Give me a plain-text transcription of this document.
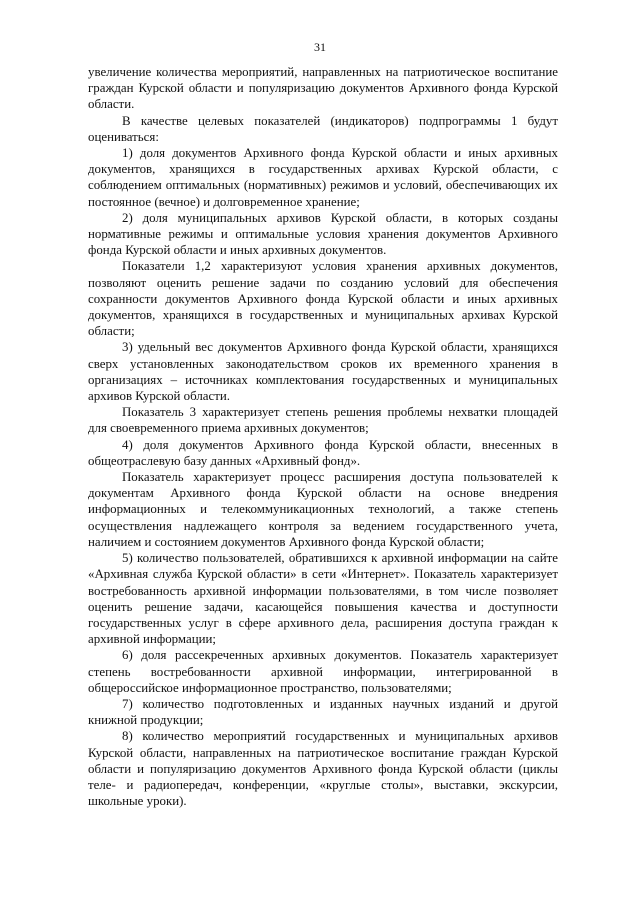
31

увеличение количества мероприятий, направленных на патриотическое воспитание граждан Курской области и популяризацию документов Архивного фонда Курской области.

В качестве целевых показателей (индикаторов) подпрограммы 1 будут оцениваться:

1) доля документов Архивного фонда Курской области и иных архивных документов, хранящихся в государственных архивах Курской области, с соблюдением оптимальных (нормативных) режимов и условий, обеспечивающих их постоянное (вечное) и долговременное хранение;

2) доля муниципальных архивов Курской области, в которых созданы нормативные режимы и оптимальные условия хранения документов Архивного фонда Курской области и иных архивных документов.

Показатели 1,2 характеризуют условия хранения архивных документов, позволяют оценить решение задачи по созданию условий для обеспечения сохранности документов Архивного фонда Курской области и иных архивных документов, хранящихся в государственных и муниципальных архивах Курской области;

3) удельный вес документов Архивного фонда Курской области, хранящихся сверх установленных законодательством сроков их временного хранения в организациях – источниках комплектования государственных и муниципальных архивов Курской области.

Показатель 3 характеризует степень решения проблемы нехватки площадей для своевременного приема архивных документов;

4) доля документов Архивного фонда Курской области, внесенных в общеотраслевую базу данных «Архивный фонд».

Показатель характеризует процесс расширения доступа пользователей к документам Архивного фонда Курской области на основе внедрения информационных и телекоммуникационных технологий, а также степень осуществления надлежащего контроля за ведением государственного учета, наличием и состоянием документов Архивного фонда Курской области;

5) количество пользователей, обратившихся к архивной информации на сайте «Архивная служба Курской области» в сети «Интернет». Показатель характеризует востребованность архивной информации пользователями, в том числе позволяет оценить решение задачи, касающейся повышения качества и доступности государственных услуг в сфере архивного дела, расширения доступа граждан к архивной информации;

6) доля рассекреченных архивных документов. Показатель характеризует степень востребованности архивной информации, интегрированной в общероссийское информационное пространство, пользователями;

7) количество подготовленных и изданных научных изданий и другой книжной продукции;

8) количество мероприятий государственных и муниципальных архивов Курской области, направленных на патриотическое воспитание граждан Курской области и популяризацию документов Архивного фонда Курской области (циклы теле- и радиопередач, конференции, «круглые столы», выставки, экскурсии, школьные уроки).
